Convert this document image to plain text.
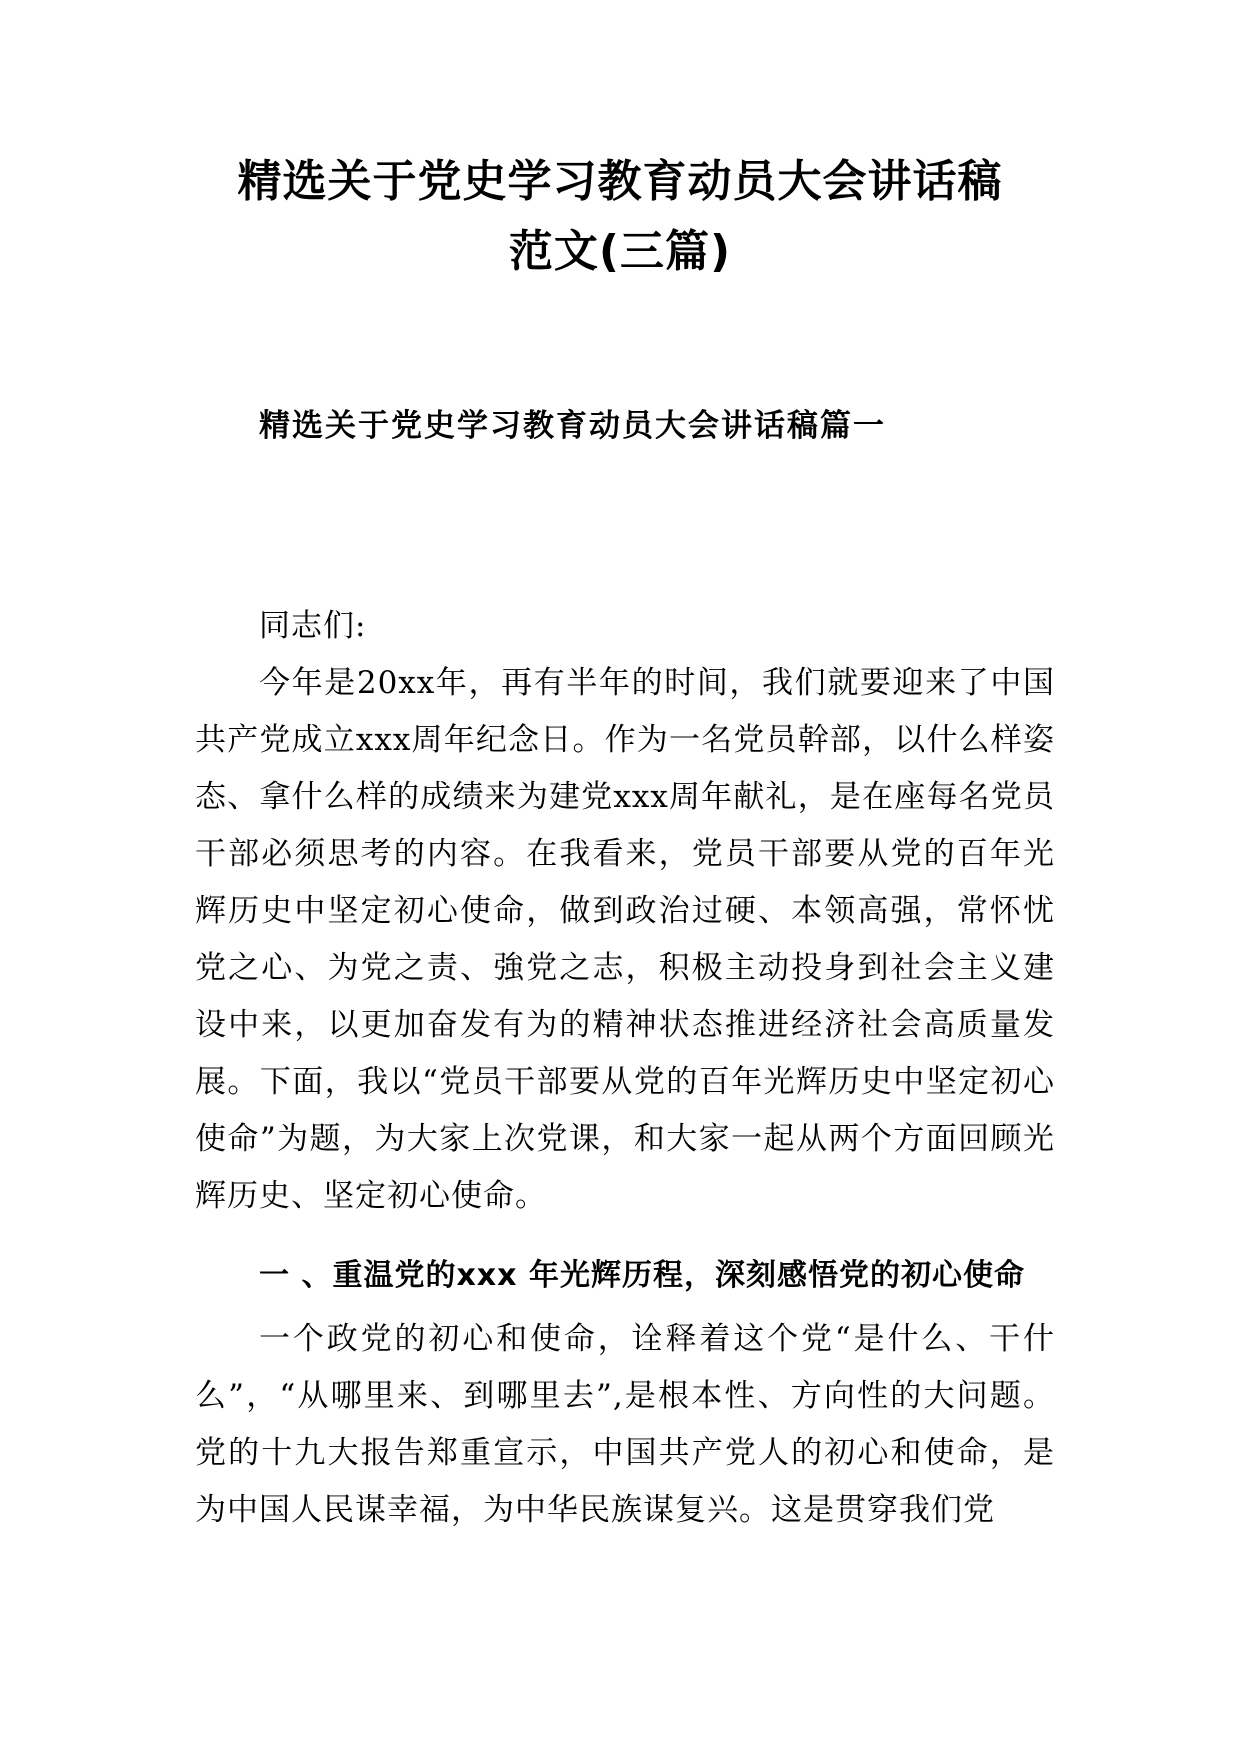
精选关于党史学习教育动员大会讲话稿
范文(三篇)
精选关于党史学习教育动员大会讲话稿篇一

同志们:

今年是20xx年，再有半年的时间，我们就要迎来了中国共产党成立xxx周年纪念日。作为一名党员幹部，以什么样姿态、拿什么样的成绩来为建党xxx周年献礼，是在座每名党员干部必须思考的内容。在我看来，党员干部要从党的百年光辉历史中坚定初心使命，做到政治过硬、本领高强，常怀忧党之心、为党之责、強党之志，积极主动投身到社会主义建设中来，以更加奋发有为的精神状态推进经济社会高质量发展。下面，我以“党员干部要从党的百年光辉历史中坚定初心使命”为题，为大家上次党课，和大家一起从两个方面回顾光辉历史、坚定初心使命。

一 、重温党的xxx 年光辉历程，深刻感悟党的初心使命

一个政党的初心和使命，诠释着这个党“是什么、干什么”，“从哪里来、到哪里去”,是根本性、方向性的大问题。党的十九大报告郑重宣示，中国共产党人的初心和使命，是为中国人民谋幸福，为中华民族谋复兴。这是贯穿我们党
